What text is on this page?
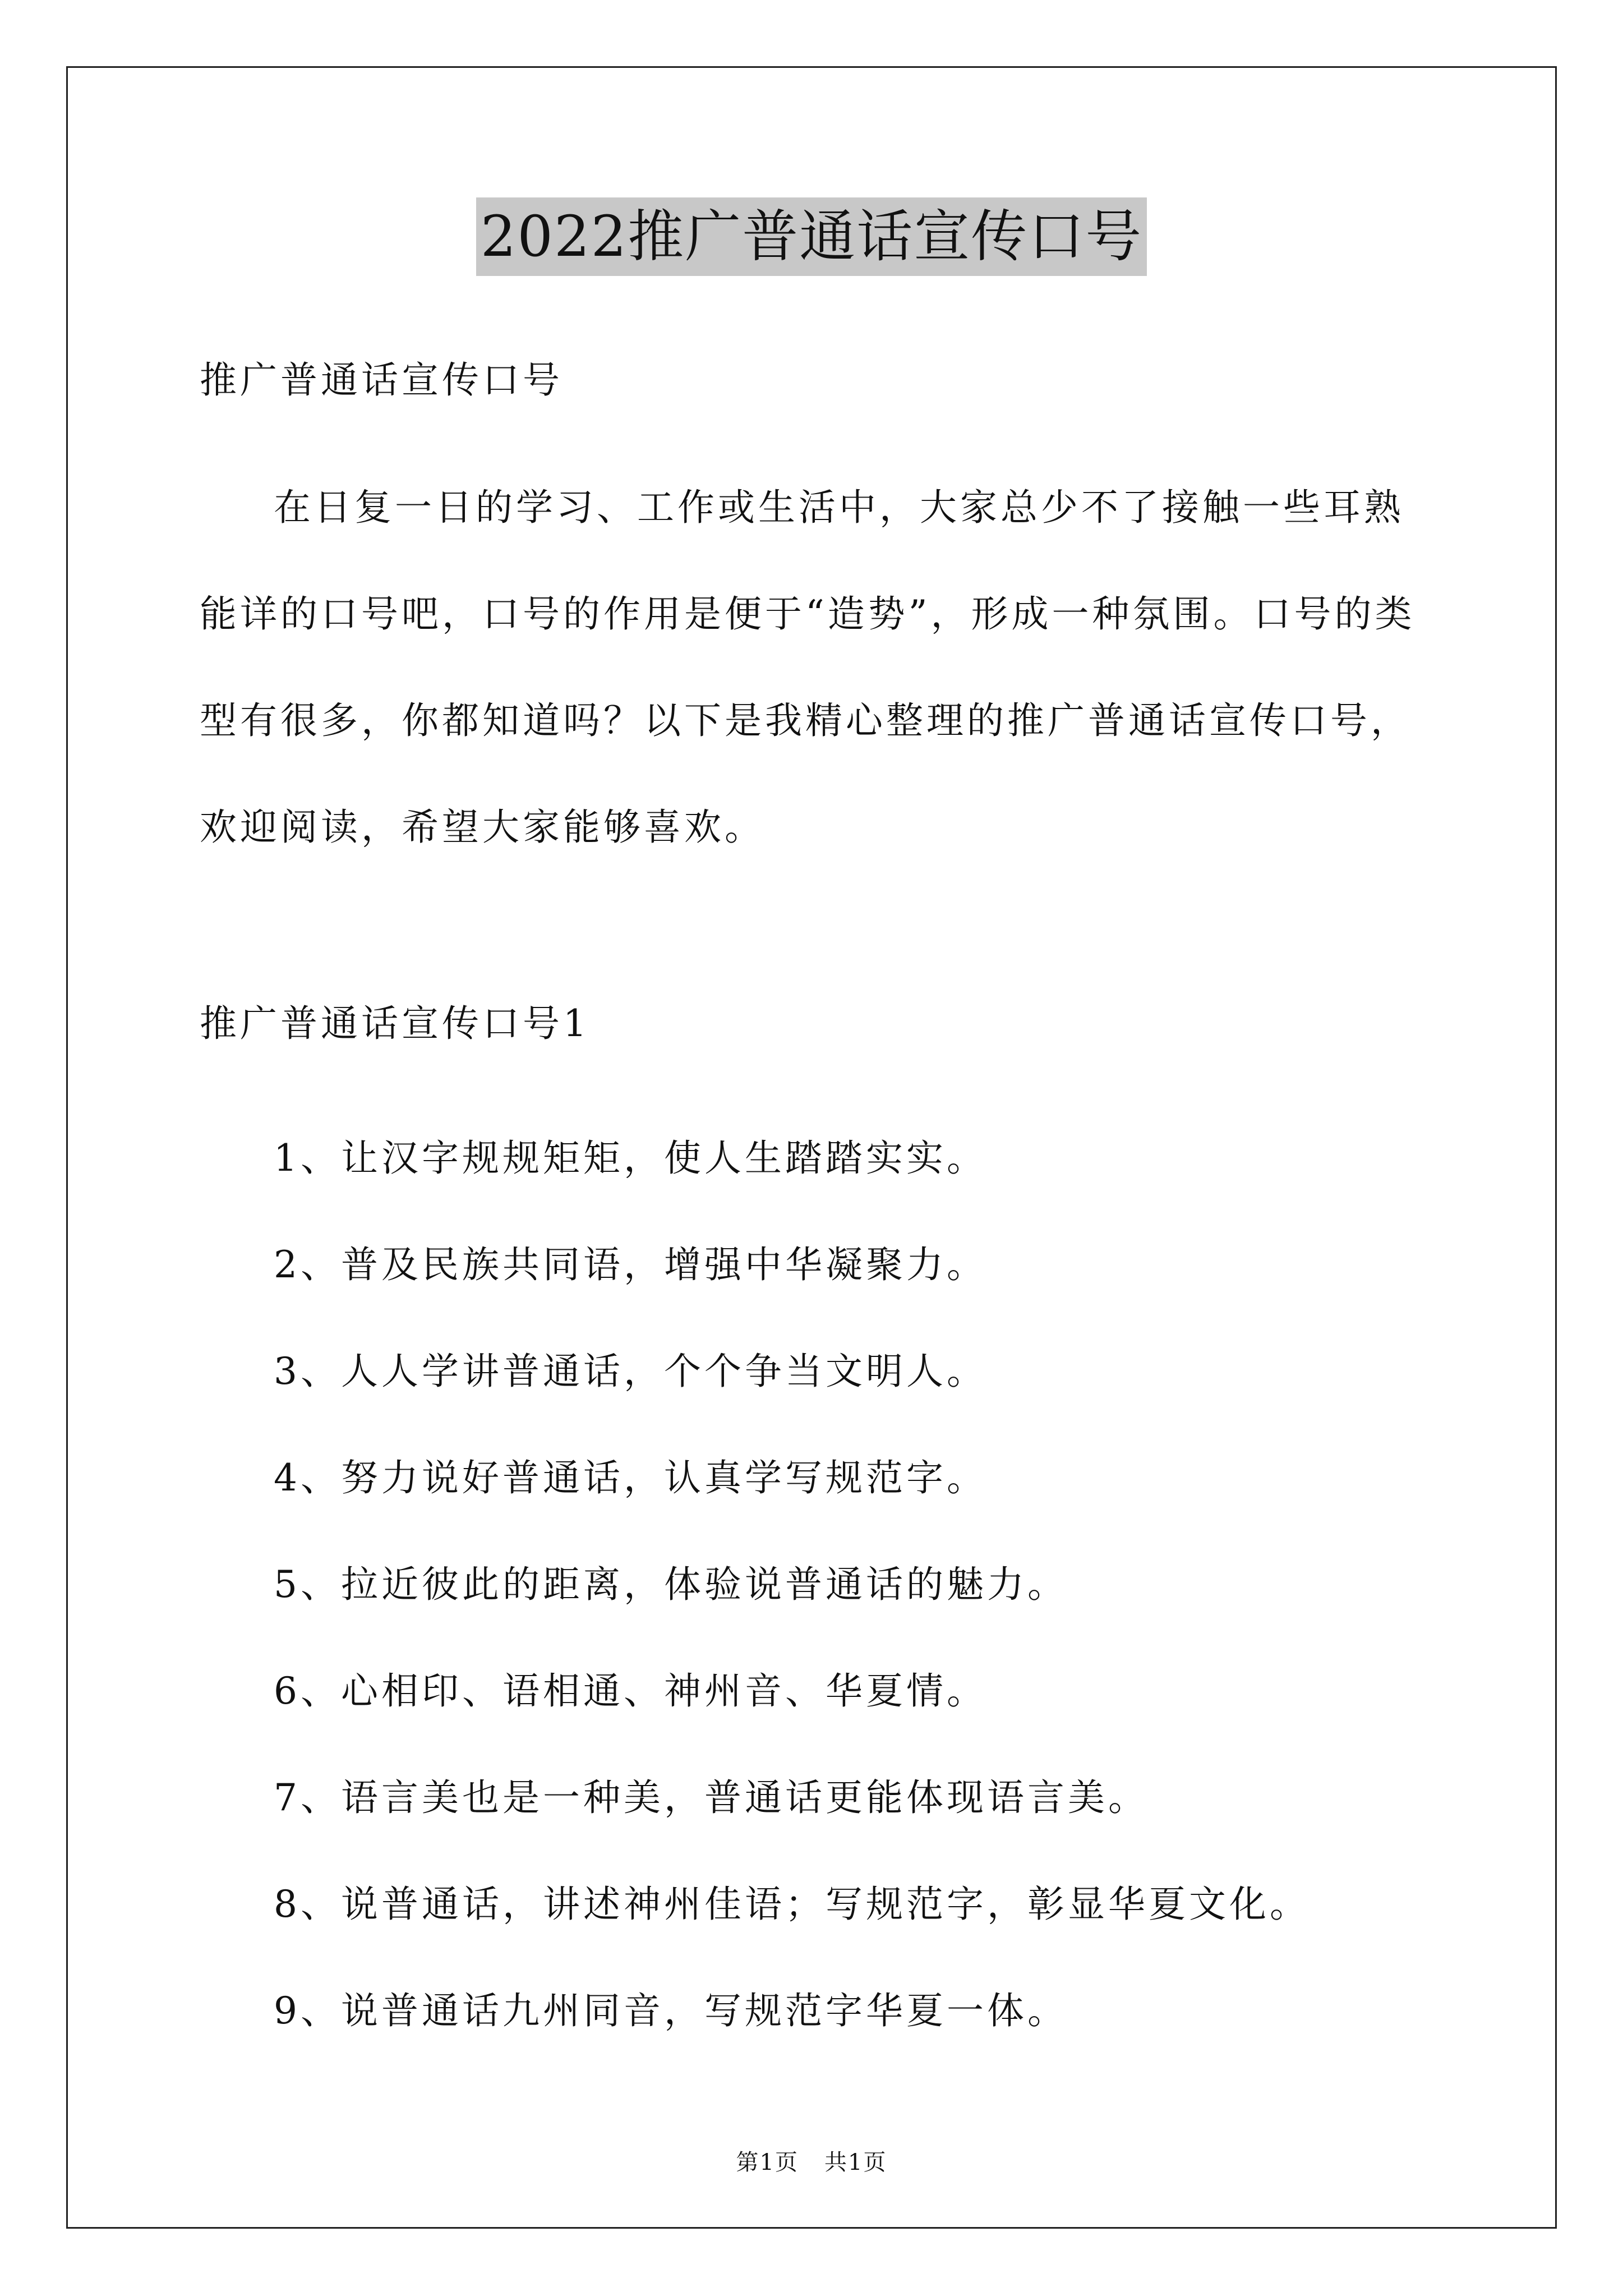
2022推广普通话宣传口号
推广普通话宣传口号
在日复一日的学习、工作或生活中，大家总少不了接触一些耳熟
能详的口号吧，口号的作用是便于“造势”，形成一种氛围。口号的类
型有很多，你都知道吗？以下是我精心整理的推广普通话宣传口号，
欢迎阅读，希望大家能够喜欢。
推广普通话宣传口号1
1、让汉字规规矩矩，使人生踏踏实实。
2、普及民族共同语，增强中华凝聚力。
3、人人学讲普通话，个个争当文明人。
4、努力说好普通话，认真学写规范字。
5、拉近彼此的距离，体验说普通话的魅力。
6、心相印、语相通、神州音、华夏情。
7、语言美也是一种美，普通话更能体现语言美。
8、说普通话，讲述神州佳语；写规范字，彰显华夏文化。
9、说普通话九州同音，写规范字华夏一体。
第1页 共1页
